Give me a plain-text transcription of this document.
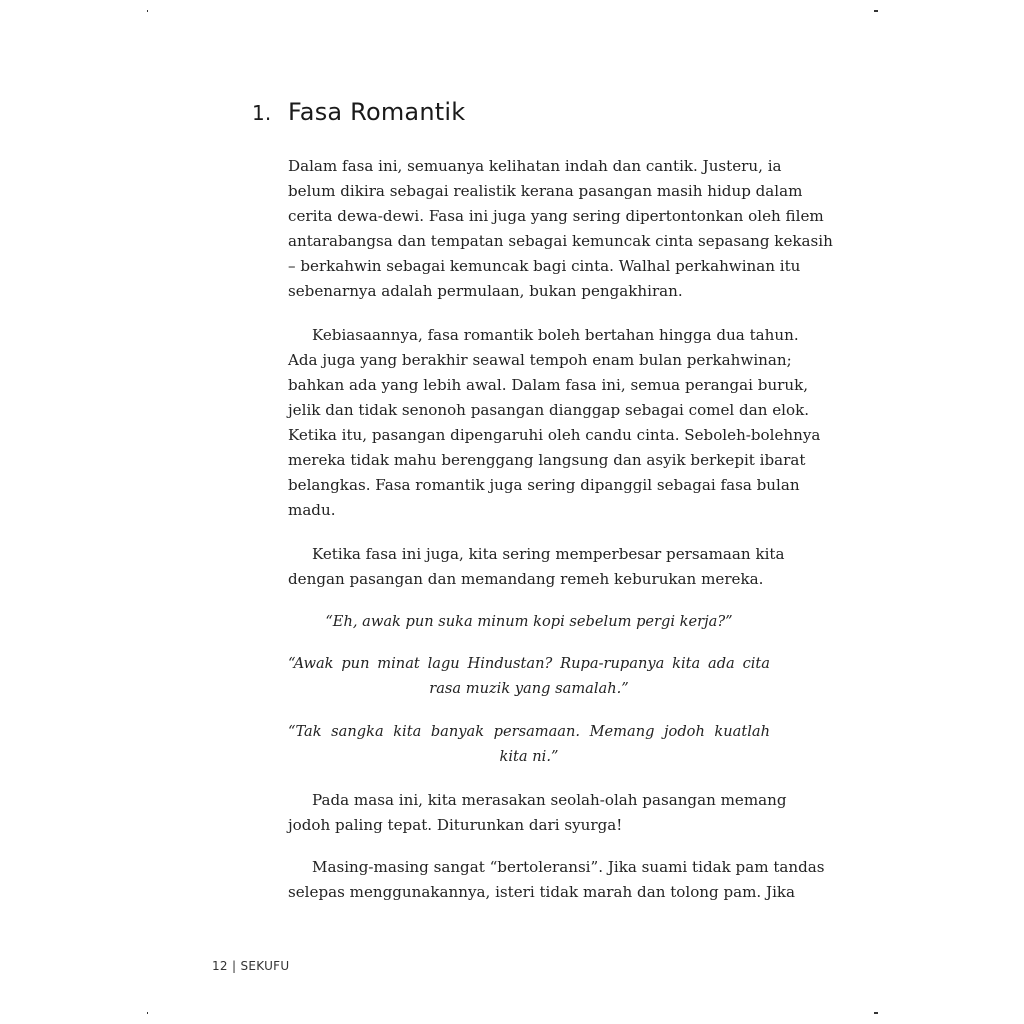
1. Fasa Romantik
Dalam fasa ini, semuanya kelihatan indah dan cantik. Justeru, ia
belum dikira sebagai realistik kerana pasangan masih hidup dalam
cerita dewa-dewi. Fasa ini juga yang sering dipertontonkan oleh filem
antarabangsa dan tempatan sebagai kemuncak cinta sepasang kekasih
– berkahwin sebagai kemuncak bagi cinta. Walhal perkahwinan itu
sebenarnya adalah permulaan, bukan pengakhiran.
Kebiasaannya, fasa romantik boleh bertahan hingga dua tahun.
Ada juga yang berakhir seawal tempoh enam bulan perkahwinan;
bahkan ada yang lebih awal. Dalam fasa ini, semua perangai buruk,
jelik dan tidak senonoh pasangan dianggap sebagai comel dan elok.
Ketika itu, pasangan dipengaruhi oleh candu cinta. Seboleh-bolehnya
mereka tidak mahu berenggang langsung dan asyik berkepit ibarat
belangkas. Fasa romantik juga sering dipanggil sebagai fasa bulan
madu.
Ketika fasa ini juga, kita sering memperbesar persamaan kita
dengan pasangan dan memandang remeh keburukan mereka.
“Eh, awak pun suka minum kopi sebelum pergi kerja?”
“Awak pun minat lagu Hindustan? Rupa-rupanya kita ada cita
rasa muzik yang samalah.”
“Tak sangka kita banyak persamaan. Memang jodoh kuatlah
kita ni.”
Pada masa ini, kita merasakan seolah-olah pasangan memang
jodoh paling tepat. Diturunkan dari syurga!
Masing-masing sangat “bertoleransi”. Jika suami tidak pam tandas
selepas menggunakannya, isteri tidak marah dan tolong pam. Jika
12 | SEKUFU
